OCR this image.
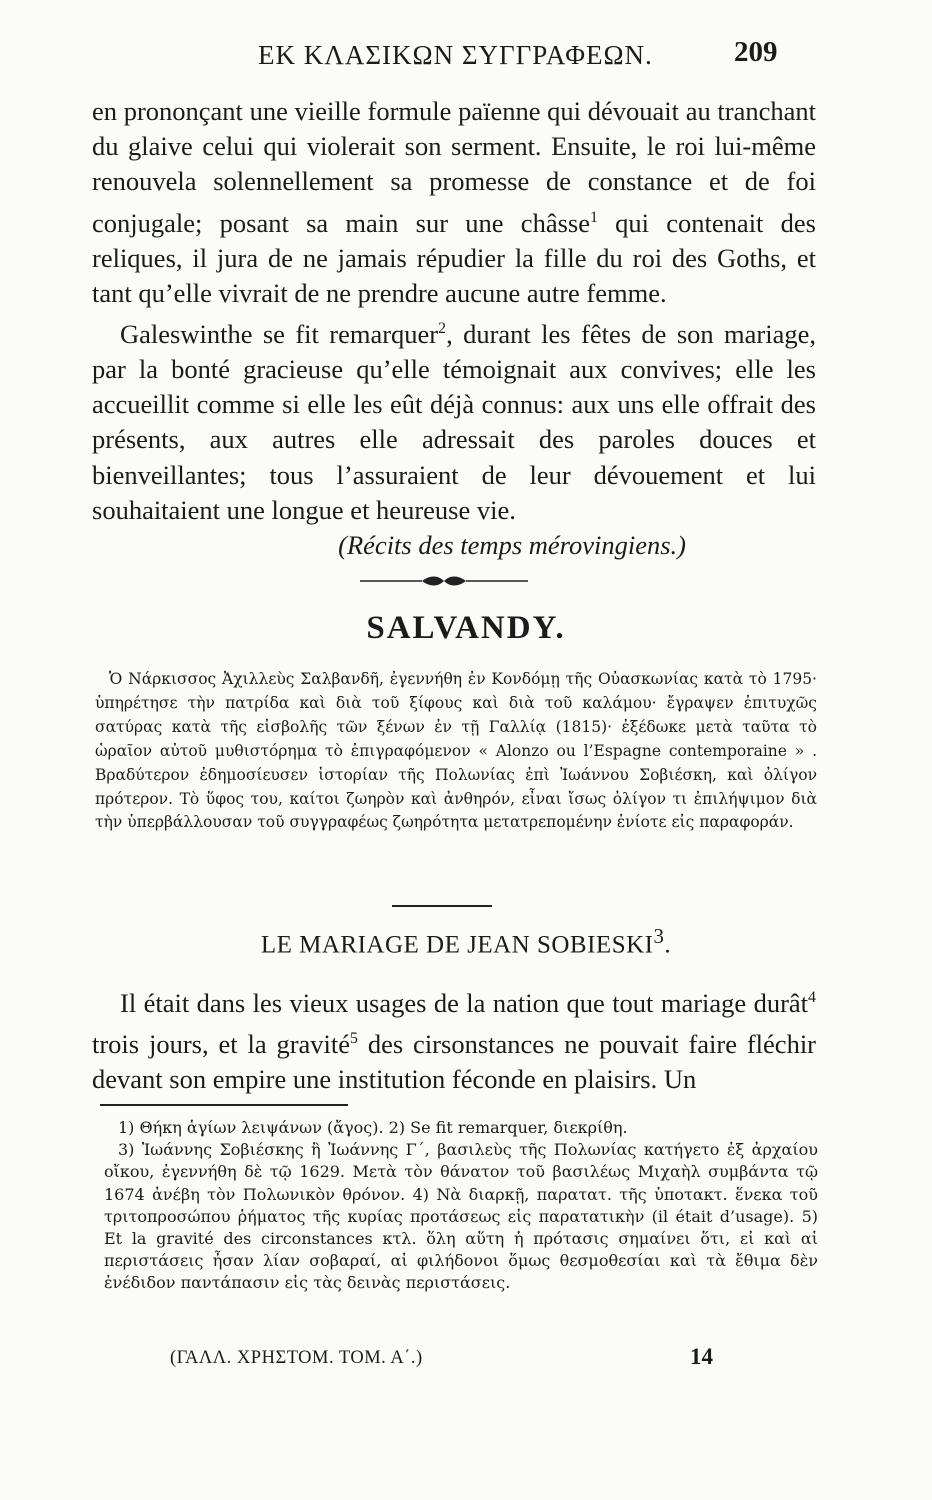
ΕΚ ΚΛΑΣΙΚΩΝ ΣΥΓΓΡΑΦΕΩΝ.	209

en prononçant une vieille formule païenne qui dévouait au tranchant du glaive celui qui violerait son serment. Ensuite, le roi lui-même renouvela solennellement sa promesse de constance et de foi conjugale; posant sa main sur une châsse$^1$ qui contenait des reliques, il jura de ne jamais répudier la fille du roi des Goths, et tant qu’elle vivrait de ne prendre aucune autre femme.

Galeswinthe se fit remarquer$^2$, durant les fêtes de son mariage, par la bonté gracieuse qu’elle témoignait aux convives; elle les accueillit comme si elle les eût déjà connus: aux uns elle offrait des présents, aux autres elle adressait des paroles douces et bienveillantes; tous l’assuraient de leur dévouement et lui souhaitaient une longue et heureuse vie.

(Récits des temps mérovingiens.)

SALVANDY.

Ὁ Νάρκισσος Ἀχιλλεὺς Σαλβανδῆ, ἐγεννήθη ἐν Κονδόμῃ τῆς Οὐασκωνίας κατὰ τὸ 1795· ὑπηρέτησε τὴν πατρίδα καὶ διὰ τοῦ ξίφους καὶ διὰ τοῦ καλάμου· ἔγραψεν ἐπιτυχῶς σατύρας κατὰ τῆς εἰσβολῆς τῶν ξένων ἐν τῇ Γαλλίᾳ (1815)· ἐξέδωκε μετὰ ταῦτα τὸ ὡραῖον αὐτοῦ μυθιστόρημα τὸ ἐπιγραφόμενον « Alonzo ou l’Espagne contemporaine » . Βραδύτερον ἐδημοσίευσεν ἱστορίαν τῆς Πολωνίας ἐπὶ Ἰωάννου Σοβιέσκη, καὶ ὀλίγον πρότερον. Τὸ ὕφος του, καίτοι ζωηρὸν καὶ ἀνθηρόν, εἶναι ἴσως ὀλίγον τι ἐπιλήψιμον διὰ τὴν ὑπερβάλλουσαν τοῦ συγγραφέως ζωηρότητα μετατρεπομένην ἐνίοτε εἰς παραφοράν.

LE MARIAGE DE JEAN SOBIESKI$^3$.

Il était dans les vieux usages de la nation que tout mariage durât$^4$ trois jours, et la gravité$^5$ des cirsonstances ne pouvait faire fléchir devant son empire une institution féconde en plaisirs. Un

1) Θήκη ἁγίων λειψάνων (ἄγος). 2) Se fit remarquer, διεκρίθη.

3) Ἰωάννης Σοβιέσκης ἢ Ἰωάννης Γ΄, βασιλεὺς τῆς Πολωνίας κατήγετο ἐξ ἀρχαίου οἴκου, ἐγεννήθη δὲ τῷ 1629. Μετὰ τὸν θάνατον τοῦ βασιλέως Μιχαὴλ συμβάντα τῷ 1674 ἀνέβη τὸν Πολωνικὸν θρόνον. 4) Νὰ διαρκῇ, παρατατ. τῆς ὑποτακτ. ἕνεκα τοῦ τριτοπροσώπου ῥήματος τῆς κυρίας προτάσεως εἰς παρατατικὴν (il était d’usage). 5) Et la gravité des circonstances κτλ. ὅλη αὕτη ἡ πρότασις σημαίνει ὅτι, εἰ καὶ αἱ περιστάσεις ἦσαν λίαν σοβαραί, αἱ φιλήδονοι ὅμως θεσμοθεσίαι καὶ τὰ ἔθιμα δὲν ἐνέδιδον παντάπασιν εἰς τὰς δεινὰς περιστάσεις.

(ΓΑΛΛ. ΧΡΗΣΤΟΜ. ΤΟΜ. Α΄.)	14
